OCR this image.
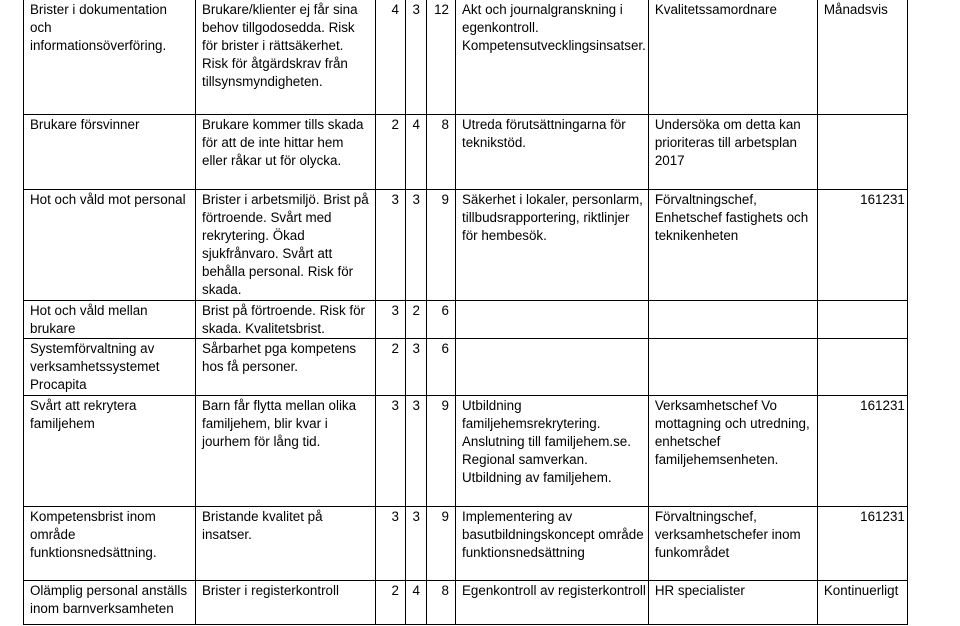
Brister i dokumentation och informationsöverföring.	Brukare/klienter ej får sina behov tillgodosedda. Risk för brister i rättsäkerhet. Risk för åtgärdskrav från tillsynsmyndigheten.	4	3	12	Akt och journalgranskning i egenkontroll. Kompetensutvecklingsinsatser.	Kvalitetssamordnare	Månadsvis
Brukare försvinner	Brukare kommer tills skada för att de inte hittar hem eller råkar ut för olycka.	2	4	8	Utreda förutsättningarna för teknikstöd.	Undersöka om detta kan prioriteras till arbetsplan 2017	
Hot och våld mot personal	Brister i arbetsmiljö. Brist på förtroende. Svårt med rekrytering. Ökad sjukfrånvaro. Svårt att behålla personal. Risk för skada.	3	3	9	Säkerhet i lokaler, personlarm, tillbudsrapportering, riktlinjer för hembesök.	Förvaltningschef, Enhetschef fastighets och teknikenheten	161231
Hot och våld mellan brukare	Brist på förtroende. Risk för skada. Kvalitetsbrist.	3	2	6			
Systemförvaltning av verksamhetssystemet Procapita	Sårbarhet pga kompetens hos få personer.	2	3	6			
Svårt att rekrytera familjehem	Barn får flytta mellan olika familjehem, blir kvar i jourhem för lång tid.	3	3	9	Utbildning familjehemsrekrytering. Anslutning till familjehem.se. Regional samverkan. Utbildning av familjehem.	Verksamhetschef Vo mottagning och utredning, enhetschef familjehemsenheten.	161231
Kompetensbrist inom område funktionsnedsättning.	Bristande kvalitet på insatser.	3	3	9	Implementering av basutbildningskoncept område funktionsnedsättning	Förvaltningschef, verksamhetschefer inom funkområdet	161231
Olämplig personal anställs inom barnverksamheten	Brister i registerkontroll	2	4	8	Egenkontroll av registerkontroll	HR specialister	Kontinuerligt
